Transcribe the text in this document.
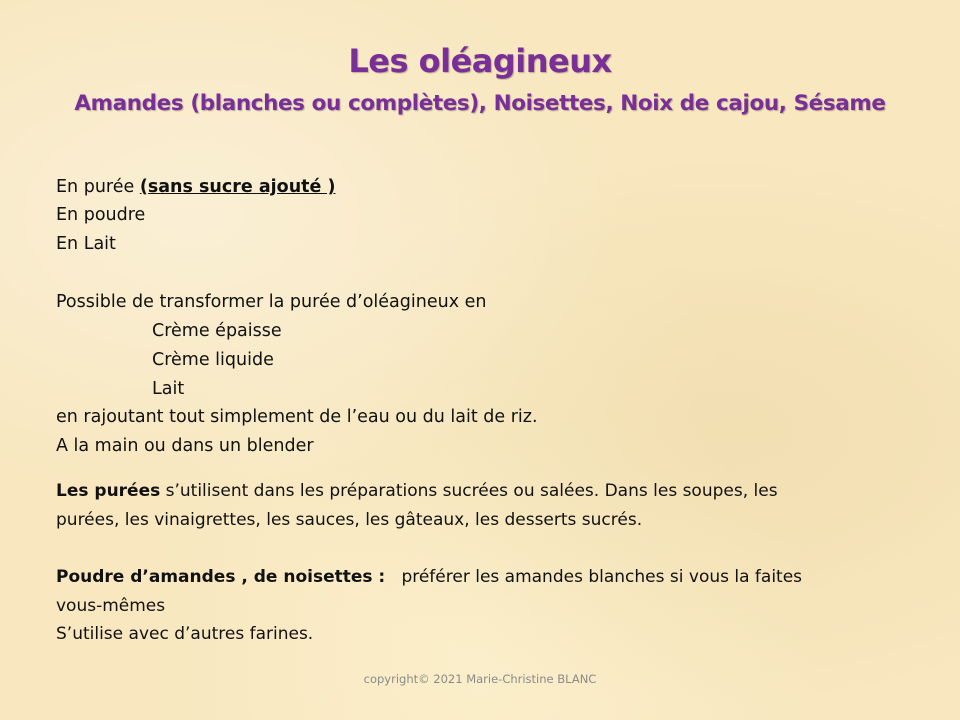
Les oléagineux
Amandes (blanches ou complètes), Noisettes, Noix de cajou, Sésame
En purée (sans sucre ajouté )
En poudre
En Lait
Possible de transformer la purée d’oléagineux en
Crème épaisse
Crème liquide
Lait
en rajoutant tout simplement de l’eau ou du lait de riz.
A la main ou dans un blender
Les purées s’utilisent dans les préparations sucrées ou salées. Dans les soupes, les
purées, les vinaigrettes, les sauces, les gâteaux, les desserts sucrés.
Poudre d’amandes , de noisettes :   préférer les amandes blanches si vous la faites
vous-mêmes
S’utilise avec d’autres farines.
copyright© 2021 Marie-Christine BLANC
